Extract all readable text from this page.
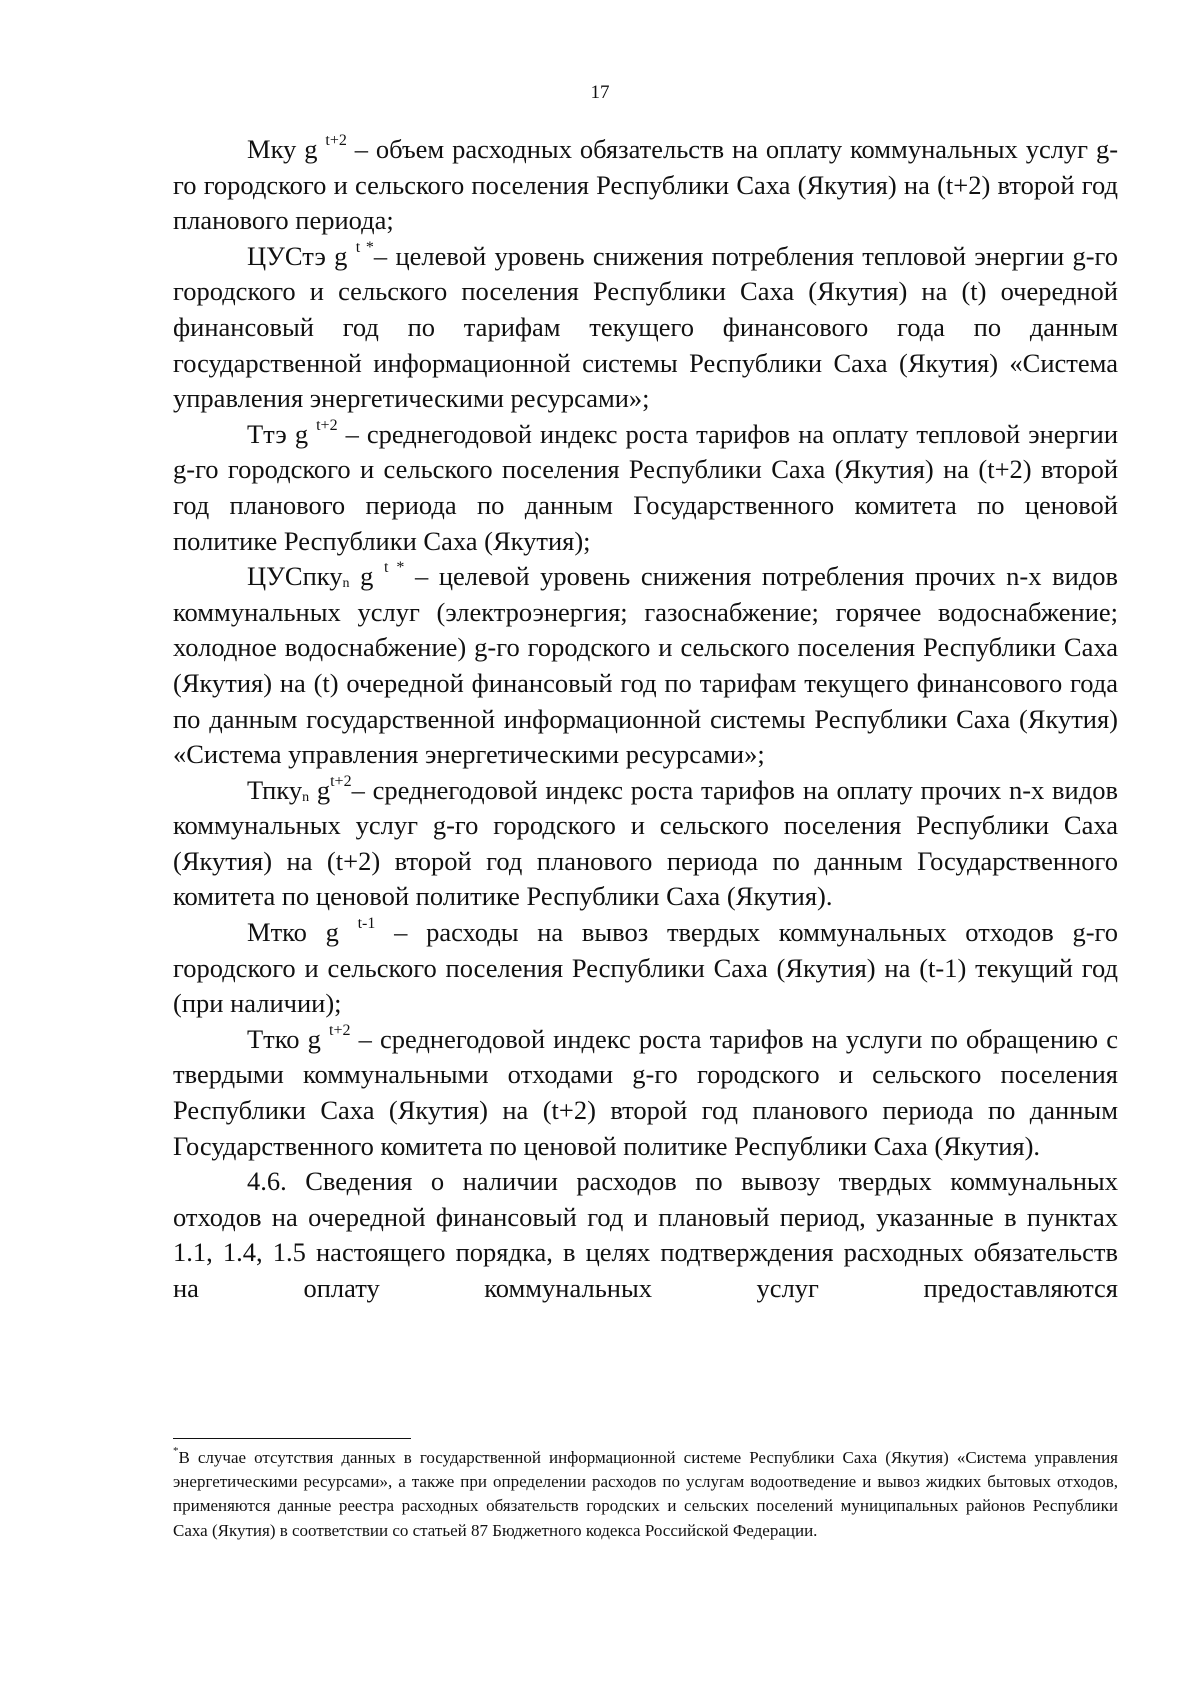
17

Мку g $^{t+2}$ – объем расходных обязательств на оплату коммунальных услуг g-го городского и сельского поселения Республики Саха (Якутия) на (t+2) второй год планового периода;

ЦУСтэ g $^{t *}$– целевой уровень снижения потребления тепловой энергии g-го городского и сельского поселения Республики Саха (Якутия) на (t) очередной финансовый год по тарифам текущего финансового года по данным государственной информационной системы Республики Саха (Якутия) «Система управления энергетическими ресурсами»;

Ттэ g $^{t+2}$ – среднегодовой индекс роста тарифов на оплату тепловой энергии g-го городского и сельского поселения Республики Саха (Якутия) на (t+2) второй год планового периода по данным Государственного комитета по ценовой политике Республики Саха (Якутия);

ЦУСпку$_n$ g $^{t *}$ – целевой уровень снижения потребления прочих n-х видов коммунальных услуг (электроэнергия; газоснабжение; горячее водоснабжение; холодное водоснабжение) g-го городского и сельского поселения Республики Саха (Якутия) на (t) очередной финансовый год по тарифам текущего финансового года по данным государственной информационной системы Республики Саха (Якутия) «Система управления энергетическими ресурсами»;

Тпку$_n$ $g^{t+2}-$ среднегодовой индекс роста тарифов на оплату прочих n-х видов коммунальных услуг g-го городского и сельского поселения Республики Саха (Якутия) на (t+2) второй год планового периода по данным Государственного комитета по ценовой политике Республики Саха (Якутия).

Мтко g $^{t-1}$ – расходы на вывоз твердых коммунальных отходов g-го городского и сельского поселения Республики Саха (Якутия) на (t-1) текущий год (при наличии);

Ттко g $^{t+2}$ – среднегодовой индекс роста тарифов на услуги по обращению с твердыми коммунальными отходами g-го городского и сельского поселения Республики Саха (Якутия) на (t+2) второй год планового периода по данным Государственного комитета по ценовой политике Республики Саха (Якутия).

4.6. Сведения о наличии расходов по вывозу твердых коммунальных отходов на очередной финансовый год и плановый период, указанные в пунктах 1.1, 1.4, 1.5 настоящего порядка, в целях подтверждения расходных обязательств на оплату коммунальных услуг предоставляются

*В случае отсутствия данных в государственной информационной системе Республики Саха (Якутия) «Система управления энергетическими ресурсами», а также при определении расходов по услугам водоотведение и вывоз жидких бытовых отходов, применяются данные реестра расходных обязательств городских и сельских поселений муниципальных районов Республики Саха (Якутия) в соответствии со статьей 87 Бюджетного кодекса Российской Федерации.
